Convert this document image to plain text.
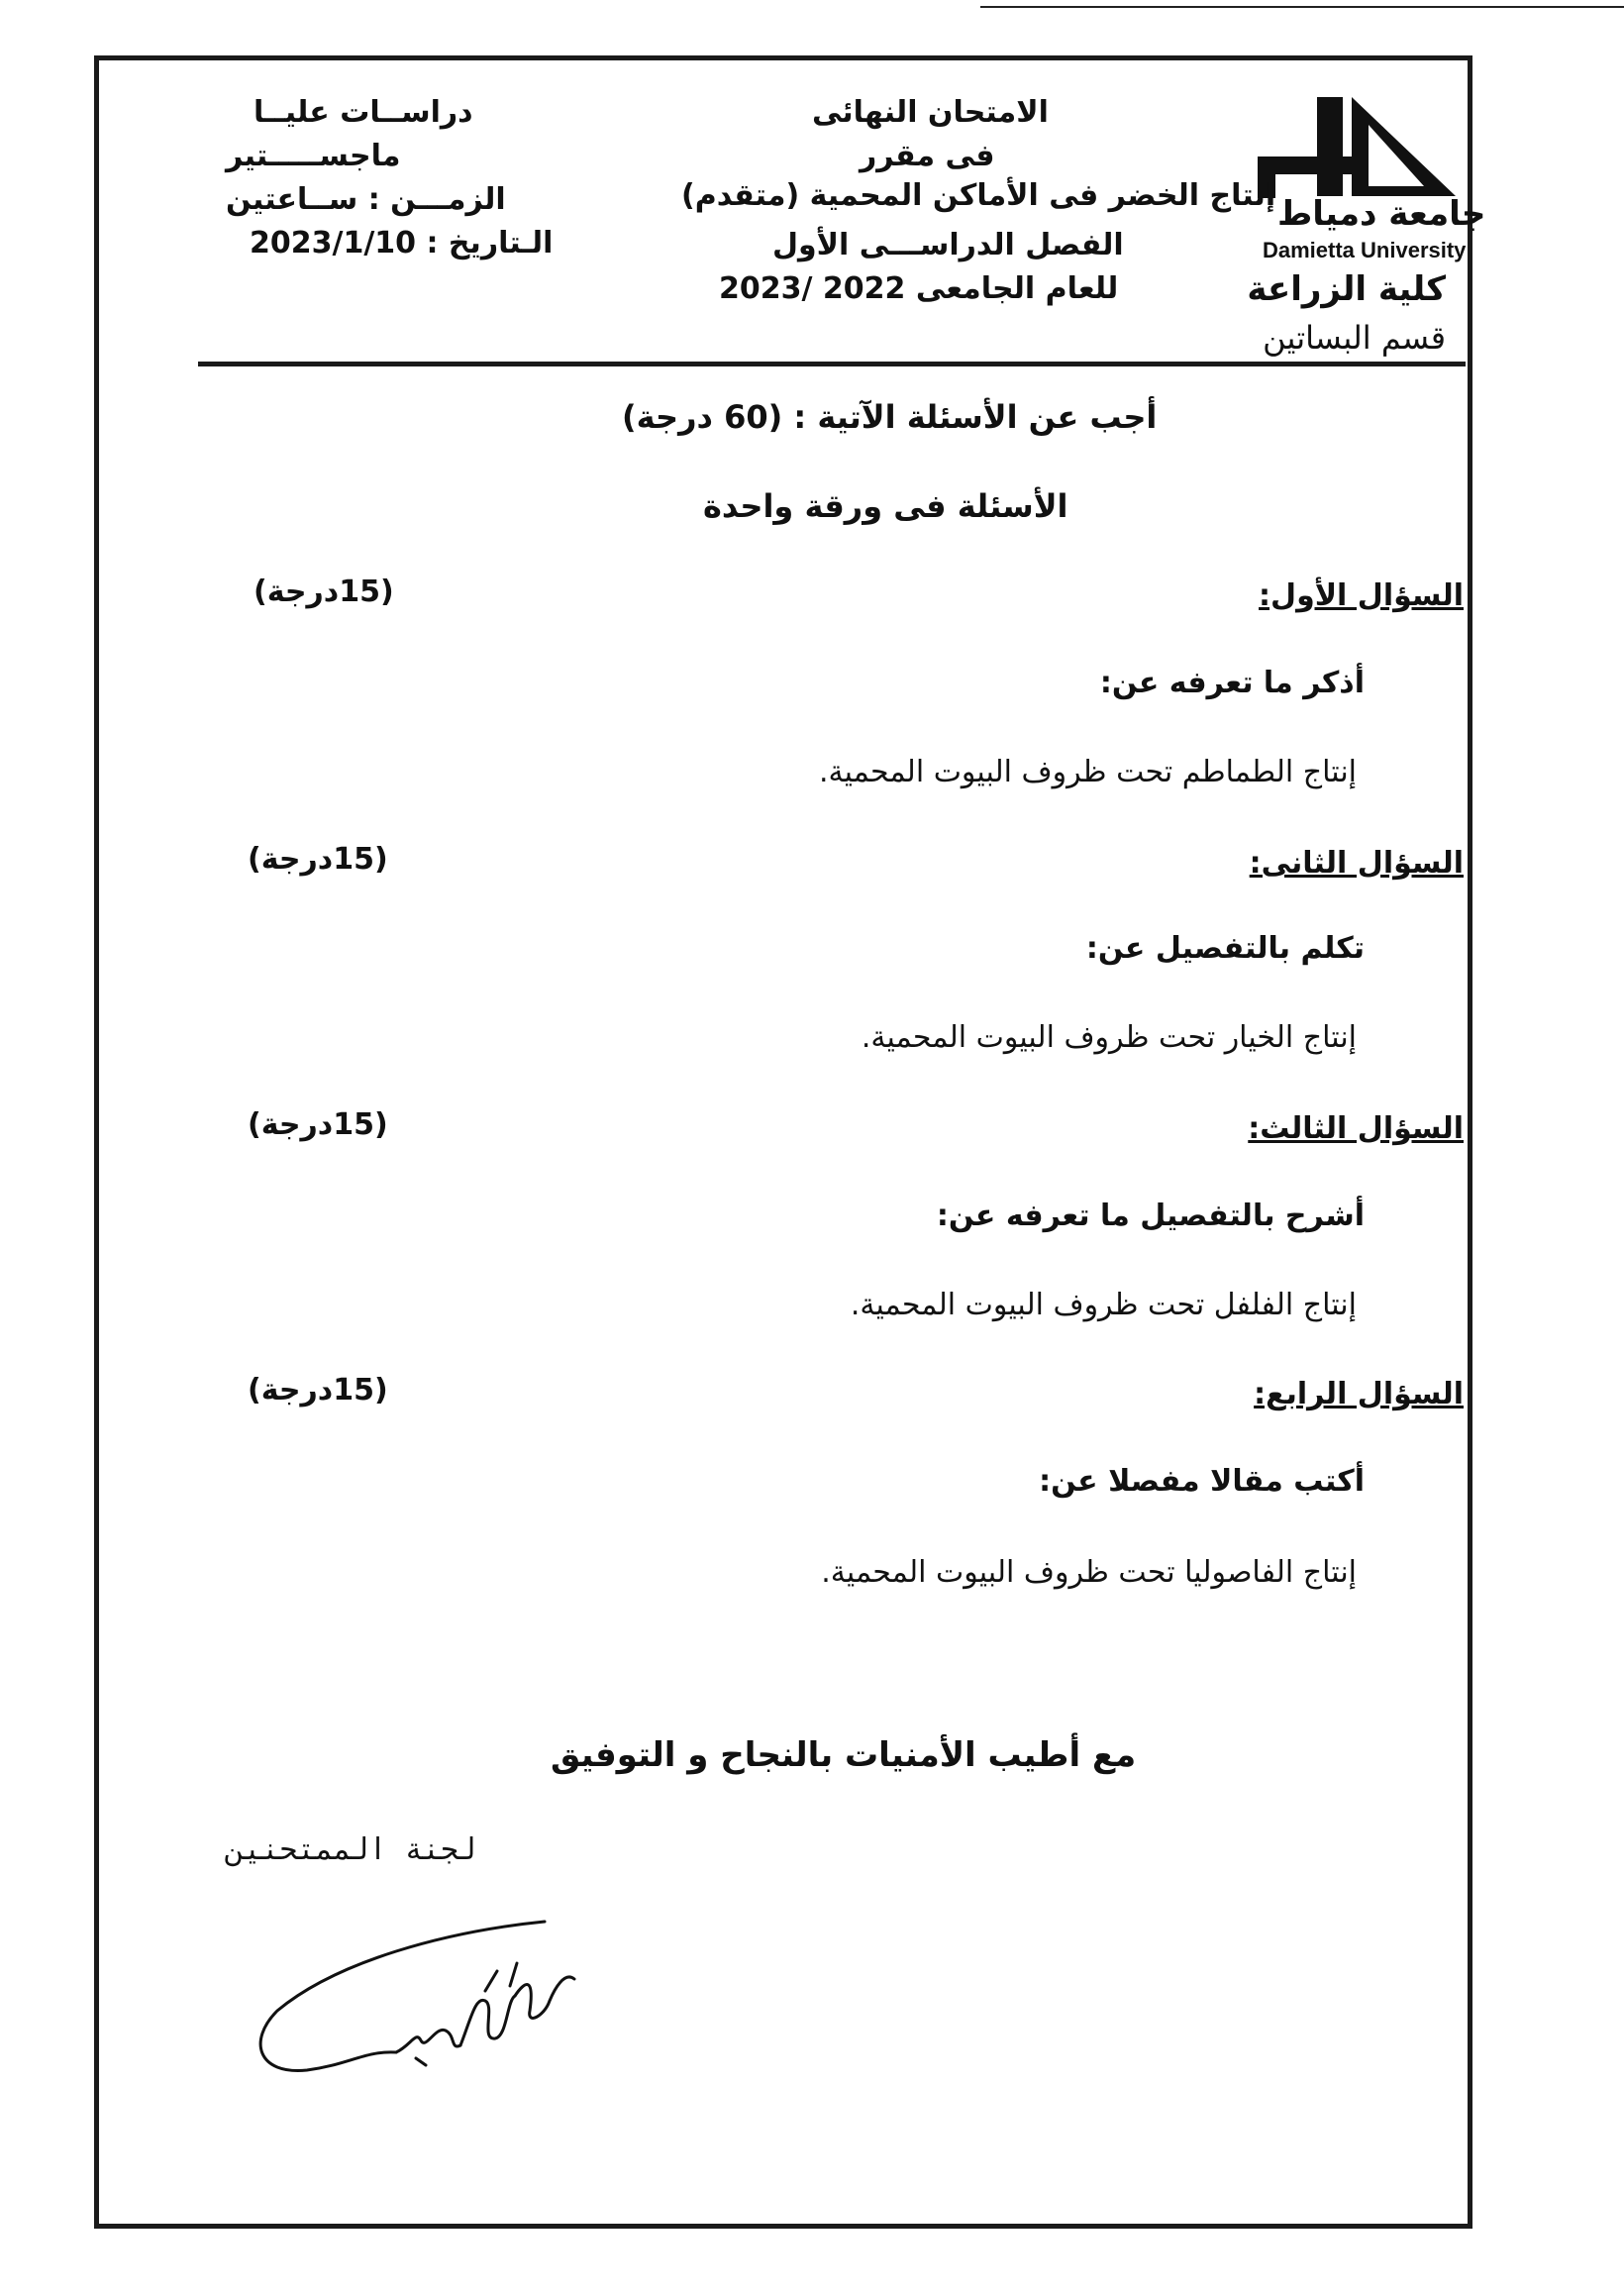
جامعة دمياط
Damietta University
كلية الزراعة
قسم البساتين
الامتحان النهائى
فى مقرر
إنتاج الخضر فى الأماكن المحمية (متقدم)
الفصل الدراســـى الأول
للعام الجامعى 2022 /2023
دراســات عليــا
ماجســـــتير
الزمـــن : ســاعتين
الـتاريخ : 2023/1/10
أجب عن الأسئلة الآتية : (60 درجة)
الأسئلة فى ورقة واحدة
السؤال الأول:
(15درجة)
أذكر ما تعرفه عن:
إنتاج الطماطم تحت ظروف البيوت المحمية.
السؤال الثانى:
(15درجة)
تكلم بالتفصيل عن:
إنتاج الخيار تحت ظروف البيوت المحمية.
السؤال الثالث:
(15درجة)
أشرح بالتفصيل ما تعرفه عن:
إنتاج الفلفل تحت ظروف البيوت المحمية.
السؤال الرابع:
(15درجة)
أكتب مقالا مفصلا عن:
إنتاج الفاصوليا تحت ظروف البيوت المحمية.
مع أطيب الأمنيات بالنجاح و التوفيق
لجنة الممتحنين
